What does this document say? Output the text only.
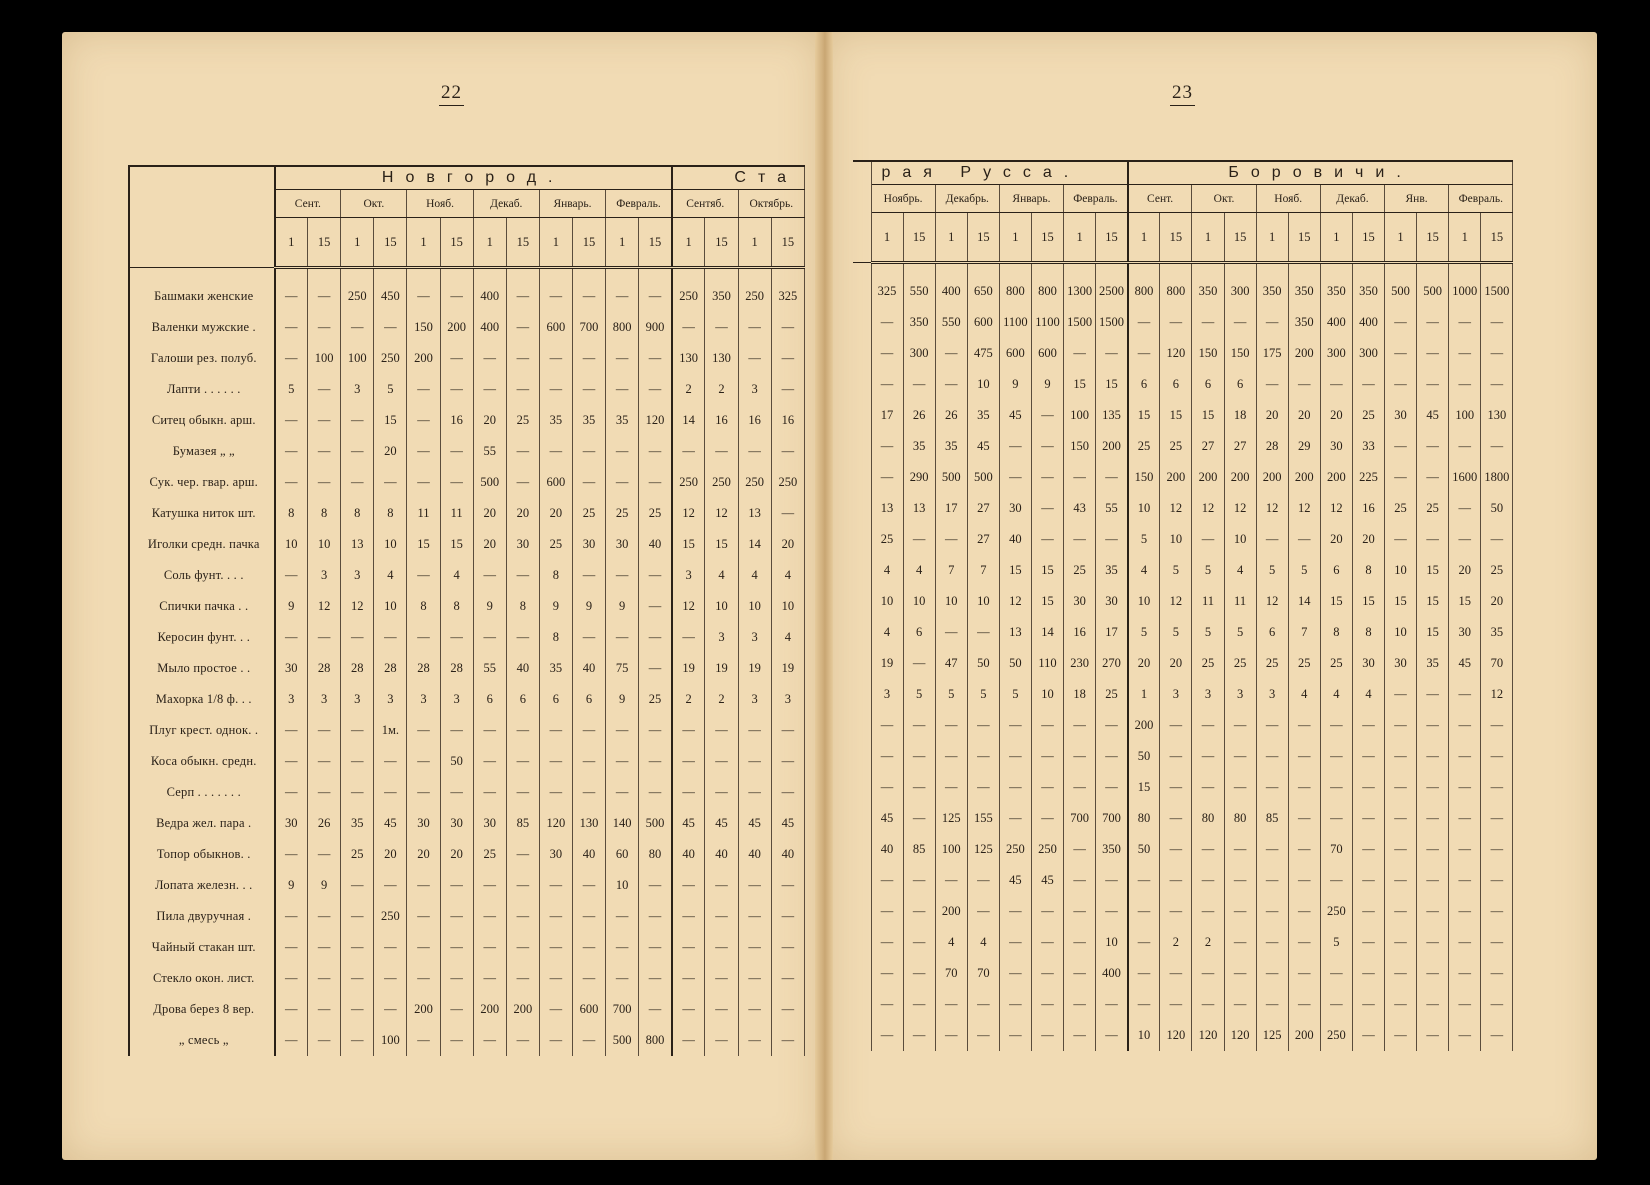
22	23
	Новгород.												Ста			
	Сент.		Окт.		Нояб.		Декаб.		Январь.		Февраль.		Сентяб.		Октябрь.	
	1	15	1	15	1	15	1	15	1	15	1	15	1	15	1	15

Башмаки женские	—	—	250	450	—	—	400	—	—	—	—	—	250	350	250	325
Валенки мужские .	—	—	—	—	150	200	400	—	600	700	800	900	—	—	—	—
Галоши рез. полуб.	—	100	100	250	200	—	—	—	—	—	—	—	130	130	—	—
Лапти . . . . . .	5	—	3	5	—	—	—	—	—	—	—	—	2	2	3	—
Ситец обыкн. арш.	—	—	—	15	—	16	20	25	35	35	35	120	14	16	16	16
Бумазея „ „	—	—	—	20	—	—	55	—	—	—	—	—	—	—	—	—
Сук. чер. гвар. арш.	—	—	—	—	—	—	500	—	600	—	—	—	250	250	250	250
Катушка ниток шт.	8	8	8	8	11	11	20	20	20	25	25	25	12	12	13	—
Иголки средн. пачка	10	10	13	10	15	15	20	30	25	30	30	40	15	15	14	20
Соль фунт. . . .	—	3	3	4	—	4	—	—	8	—	—	—	3	4	4	4
Спички пачка . .	9	12	12	10	8	8	9	8	9	9	9	—	12	10	10	10
Керосин фунт. . .	—	—	—	—	—	—	—	—	8	—	—	—	—	3	3	4
Мыло простое . .	30	28	28	28	28	28	55	40	35	40	75	—	19	19	19	19
Махорка 1/8 ф. . .	3	3	3	3	3	3	6	6	6	6	9	25	2	2	3	3
Плуг крест. однок. .	—	—	—	1м.	—	—	—	—	—	—	—	—	—	—	—	—
Коса обыкн. средн.	—	—	—	—	—	50	—	—	—	—	—	—	—	—	—	—
Серп . . . . . . .	—	—	—	—	—	—	—	—	—	—	—	—	—	—	—	—
Ведра жел. пара .	30	26	35	45	30	30	30	85	120	130	140	500	45	45	45	45
Топор обыкнов. .	—	—	25	20	20	20	25	—	30	40	60	80	40	40	40	40
Лопата железн. . .	9	9	—	—	—	—	—	—	—	—	10	—	—	—	—	—
Пила двуручная .	—	—	—	250	—	—	—	—	—	—	—	—	—	—	—	—
Чайный стакан шт.	—	—	—	—	—	—	—	—	—	—	—	—	—	—	—	—
Стекло окон. лист.	—	—	—	—	—	—	—	—	—	—	—	—	—	—	—	—
Дрова берез 8 вер.	—	—	—	—	200	—	200	200	—	600	700	—	—	—	—	—
„ смесь „	—	—	—	100	—	—	—	—	—	—	500	800	—	—	—	—
	рая Русса.								Боровичи.											
	Ноябрь.		Декабрь.		Январь.		Февраль.		Сент.		Окт.		Нояб.		Декаб.		Янв.		Февраль.	
	1	15	1	15	1	15	1	15	1	15	1	15	1	15	1	15	1	15	1	15

	325	550	400	650	800	800	1300	2500	800	800	350	300	350	350	350	350	500	500	1000	1500
	—	350	550	600	1100	1100	1500	1500	—	—	—	—	—	350	400	400	—	—	—	—
	—	300	—	475	600	600	—	—	—	120	150	150	175	200	300	300	—	—	—	—
	—	—	—	10	9	9	15	15	6	6	6	6	—	—	—	—	—	—	—	—
	17	26	26	35	45	—	100	135	15	15	15	18	20	20	20	25	30	45	100	130
	—	35	35	45	—	—	150	200	25	25	27	27	28	29	30	33	—	—	—	—
	—	290	500	500	—	—	—	—	150	200	200	200	200	200	200	225	—	—	1600	1800
	13	13	17	27	30	—	43	55	10	12	12	12	12	12	12	16	25	25	—	50
	25	—	—	27	40	—	—	—	5	10	—	10	—	—	20	20	—	—	—	—
	4	4	7	7	15	15	25	35	4	5	5	4	5	5	6	8	10	15	20	25
	10	10	10	10	12	15	30	30	10	12	11	11	12	14	15	15	15	15	15	20
	4	6	—	—	13	14	16	17	5	5	5	5	6	7	8	8	10	15	30	35
	19	—	47	50	50	110	230	270	20	20	25	25	25	25	25	30	30	35	45	70
	3	5	5	5	5	10	18	25	1	3	3	3	3	4	4	4	—	—	—	12
	—	—	—	—	—	—	—	—	200	—	—	—	—	—	—	—	—	—	—	—
	—	—	—	—	—	—	—	—	50	—	—	—	—	—	—	—	—	—	—	—
	—	—	—	—	—	—	—	—	15	—	—	—	—	—	—	—	—	—	—	—
	45	—	125	155	—	—	700	700	80	—	80	80	85	—	—	—	—	—	—	—
	40	85	100	125	250	250	—	350	50	—	—	—	—	—	70	—	—	—	—	—
	—	—	—	—	45	45	—	—	—	—	—	—	—	—	—	—	—	—	—	—
	—	—	200	—	—	—	—	—	—	—	—	—	—	—	250	—	—	—	—	—
	—	—	4	4	—	—	—	10	—	2	2	—	—	—	5	—	—	—	—	—
	—	—	70	70	—	—	—	400	—	—	—	—	—	—	—	—	—	—	—	—
	—	—	—	—	—	—	—	—	—	—	—	—	—	—	—	—	—	—	—	—
	—	—	—	—	—	—	—	—	10	120	120	120	125	200	250	—	—	—	—	—
